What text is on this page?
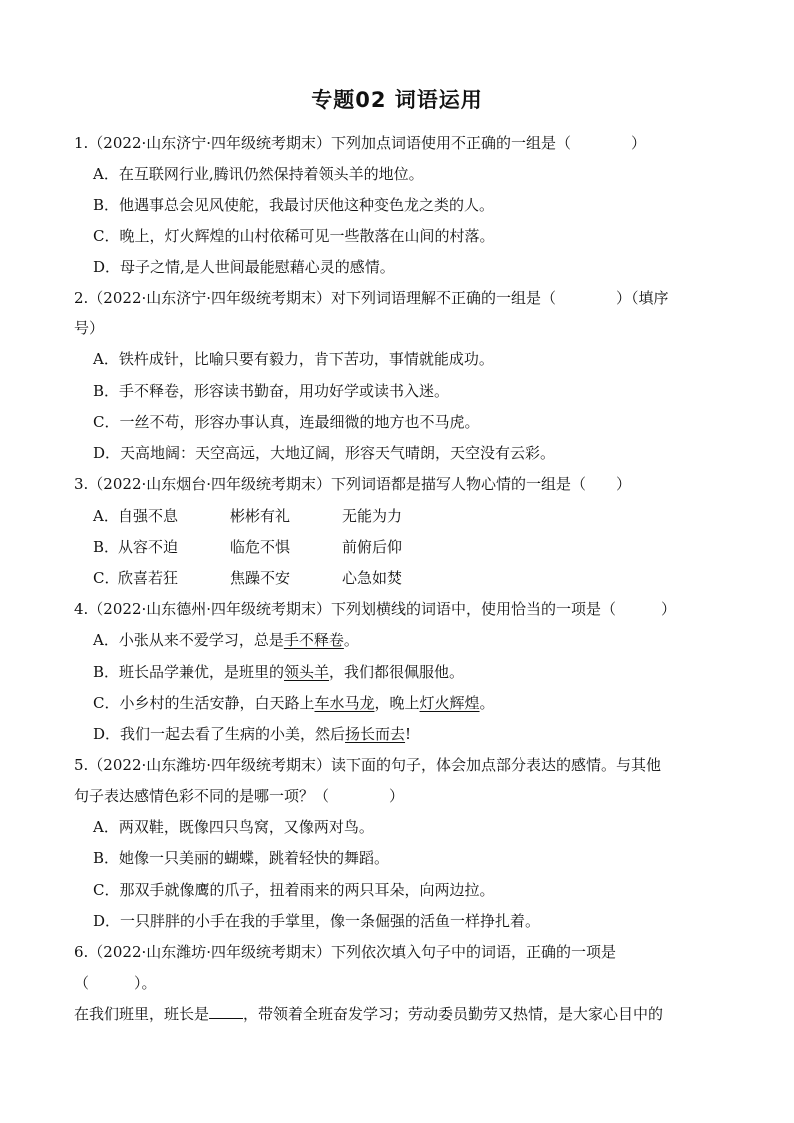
专题02 词语运用
1.（2022·山东济宁·四年级统考期末）下列加点词语使用不正确的一组是（　　　　）
A．在互联网行业,腾讯仍然保持着领头羊的地位。
B．他遇事总会见风使舵，我最讨厌他这种变色龙之类的人。
C．晚上，灯火辉煌的山村依稀可见一些散落在山间的村落。
D．母子之情,是人世间最能慰藉心灵的感情。
2.（2022·山东济宁·四年级统考期末）对下列词语理解不正确的一组是（　　　　）（填序
号）
A．铁杵成针，比喻只要有毅力，肯下苦功，事情就能成功。
B．手不释卷，形容读书勤奋，用功好学或读书入迷。
C．一丝不苟，形容办事认真，连最细微的地方也不马虎。
D．天高地阔：天空高远，大地辽阔，形容天气晴朗，天空没有云彩。
3.（2022·山东烟台·四年级统考期末）下列词语都是描写人物心情的一组是（　　）
A． 自强不息	彬彬有礼	无能为力
B．
从容不迫	临危不惧	前俯后仰
C．
欣喜若狂	焦躁不安	心急如焚
4.（2022·山东德州·四年级统考期末）下列划横线的词语中，使用恰当的一项是（　　　）
A．小张从来不爱学习，总是手不释卷。
B．班长品学兼优，是班里的领头羊，我们都很佩服他。
C．小乡村的生活安静，白天路上车水马龙，晚上灯火辉煌。
D．我们一起去看了生病的小美，然后扬长而去!
5.（2022·山东潍坊·四年级统考期末）读下面的句子，体会加点部分表达的感情。与其他
句子表达感情色彩不同的是哪一项？（　　　　）
A．两双鞋，既像四只鸟窝，又像两对鸟。
B．她像一只美丽的蝴蝶，跳着轻快的舞蹈。
C．那双手就像鹰的爪子，扭着雨来的两只耳朵，向两边拉。
D．一只胖胖的小手在我的手掌里，像一条倔强的活鱼一样挣扎着。
6.（2022·山东潍坊·四年级统考期末）下列依次填入句子中的词语，正确的一项是
（　　　）。
在我们班里，班长是 ，带领着全班奋发学习；劳动委员勤劳又热情，是大家心目中的
